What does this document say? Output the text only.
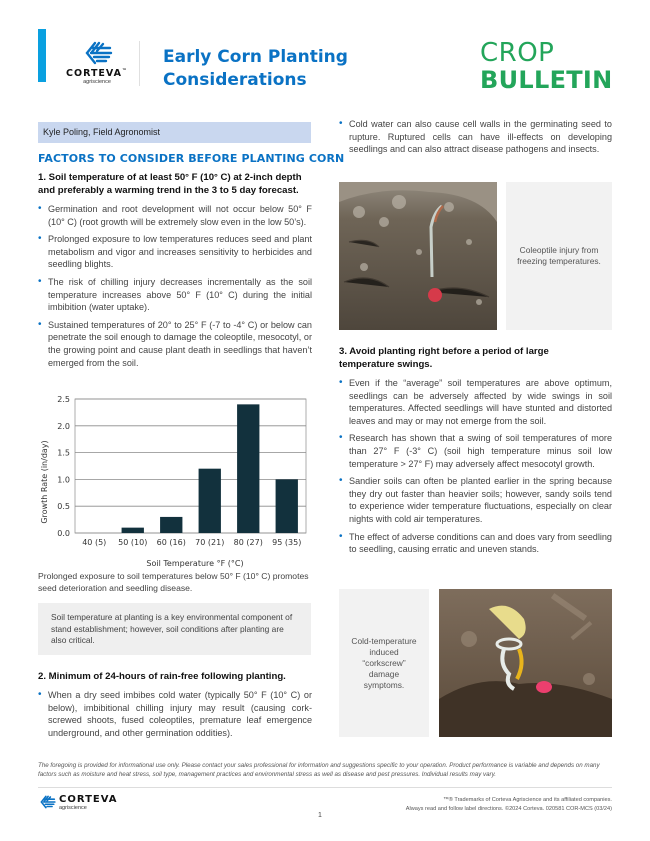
CORTEVA™
agriscience
Early Corn Planting
Considerations
CROP
BULLETIN
Kyle Poling, Field Agronomist
FACTORS TO CONSIDER BEFORE PLANTING CORN
1. Soil temperature of at least 50° F (10° C) at 2-inch depth and preferably a warming trend in the 3 to 5 day forecast.
• Germination and root development will not occur below 50° F (10° C) (root growth will be extremely slow even in the low 50’s).
• Prolonged exposure to low temperatures reduces seed and plant metabolism and vigor and increases sensitivity to herbicides and seedling blights.
• The risk of chilling injury decreases incrementally as the soil temperature increases above 50° F (10° C) during the initial imbibition (water uptake).
• Sustained temperatures of 20° to 25° F (-7 to -4° C) or below can penetrate the soil enough to damage the coleoptile, mesocotyl, or the growing point and cause plant death in seedlings that haven’t emerged from the soil.
0.0
0.5
1.0
1.5
2.0
2.5
40 (5) 50 (10) 60 (16) 70 (21) 80 (27) 95 (35)
Growth Rate (in/day)
Soil Temperature °F (°C)
Prolonged exposure to soil temperatures below 50° F (10° C) promotes seed deterioration and seedling disease.
Soil temperature at planting is a key environmental component of stand establishment; however, soil conditions after planting are also critical.
2. Minimum of 24-hours of rain-free following planting.
• When a dry seed imbibes cold water (typically 50° F (10° C) or below), imbibitional chilling injury may result (causing cork-screwed shoots, fused coleoptiles, premature leaf emergence underground, and other germination oddities).
• Cold water can also cause cell walls in the germinating seed to rupture. Ruptured cells can have ill-effects on developing seedlings and can also attract disease pathogens and insects.
Coleoptile injury from freezing temperatures.
3. Avoid planting right before a period of large
temperature swings.
• Even if the “average” soil temperatures are above optimum, seedlings can be adversely affected by wide swings in soil temperatures. Affected seedlings will have stunted and distorted leaves and may or may not emerge from the soil.
• Research has shown that a swing of soil temperatures of more than 27° F (-3° C) (soil high temperature minus soil low temperature > 27° F) may adversely affect mesocotyl growth.
• Sandier soils can often be planted earlier in the spring because they dry out faster than heavier soils; however, sandy soils tend to experience wider temperature fluctuations, especially on clear nights with cold air temperatures.
• The effect of adverse conditions can and does vary from seedling to seedling, causing erratic and uneven stands.
Cold-temperature induced “corkscrew” damage symptoms.
The foregoing is provided for informational use only. Please contact your sales professional for information and suggestions specific to your operation. Product performance is variable and depends on many factors such as moisture and heat stress, soil type, management practices and environmental stress as well as disease and pest pressures. Individual results may vary.
CORTEVA
agriscience
™® Trademarks of Corteva Agriscience and its affiliated companies.
Always read and follow label directions. ©2024 Corteva. 020581 COR-MCS (03/24)
1
